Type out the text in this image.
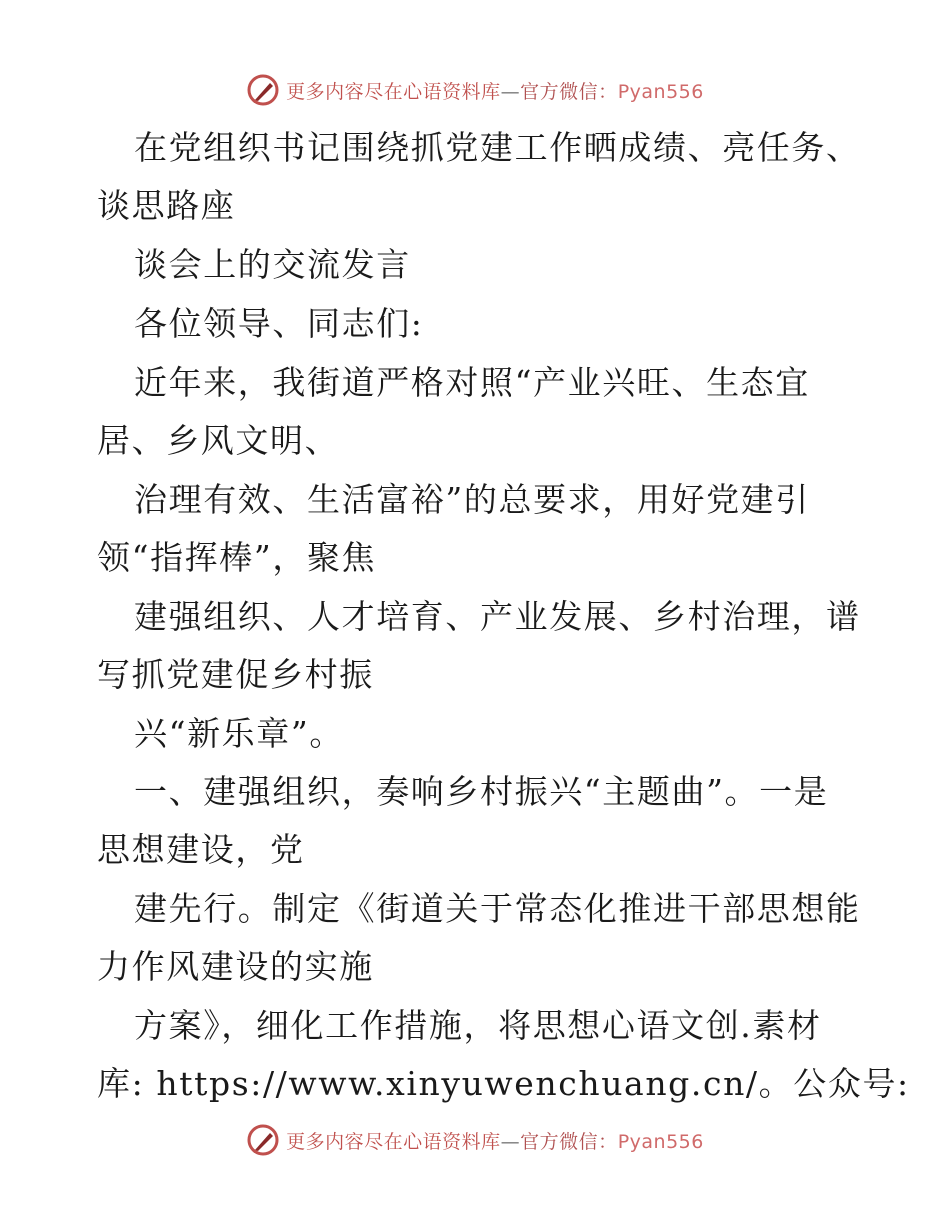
更多内容尽在心语资料库—官方微信：Pyan556
在党组织书记围绕抓党建工作晒成绩、亮任务、
谈思路座
谈会上的交流发言
各位领导、同志们:
近年来，我街道严格对照“产业兴旺、生态宜
居、乡风文明、
治理有效、生活富裕”的总要求，用好党建引
领“指挥棒”，聚焦
建强组织、人才培育、产业发展、乡村治理，谱
写抓党建促乡村振
兴“新乐章”。
一、建强组织，奏响乡村振兴“主题曲”。一是
思想建设，党
建先行。制定《街道关于常态化推进干部思想能
力作风建设的实施
方案》，细化工作措施，将思想心语文创.素材
库: https://www.xinyuwenchuang.cn/。公众号:
更多内容尽在心语资料库—官方微信：Pyan556
